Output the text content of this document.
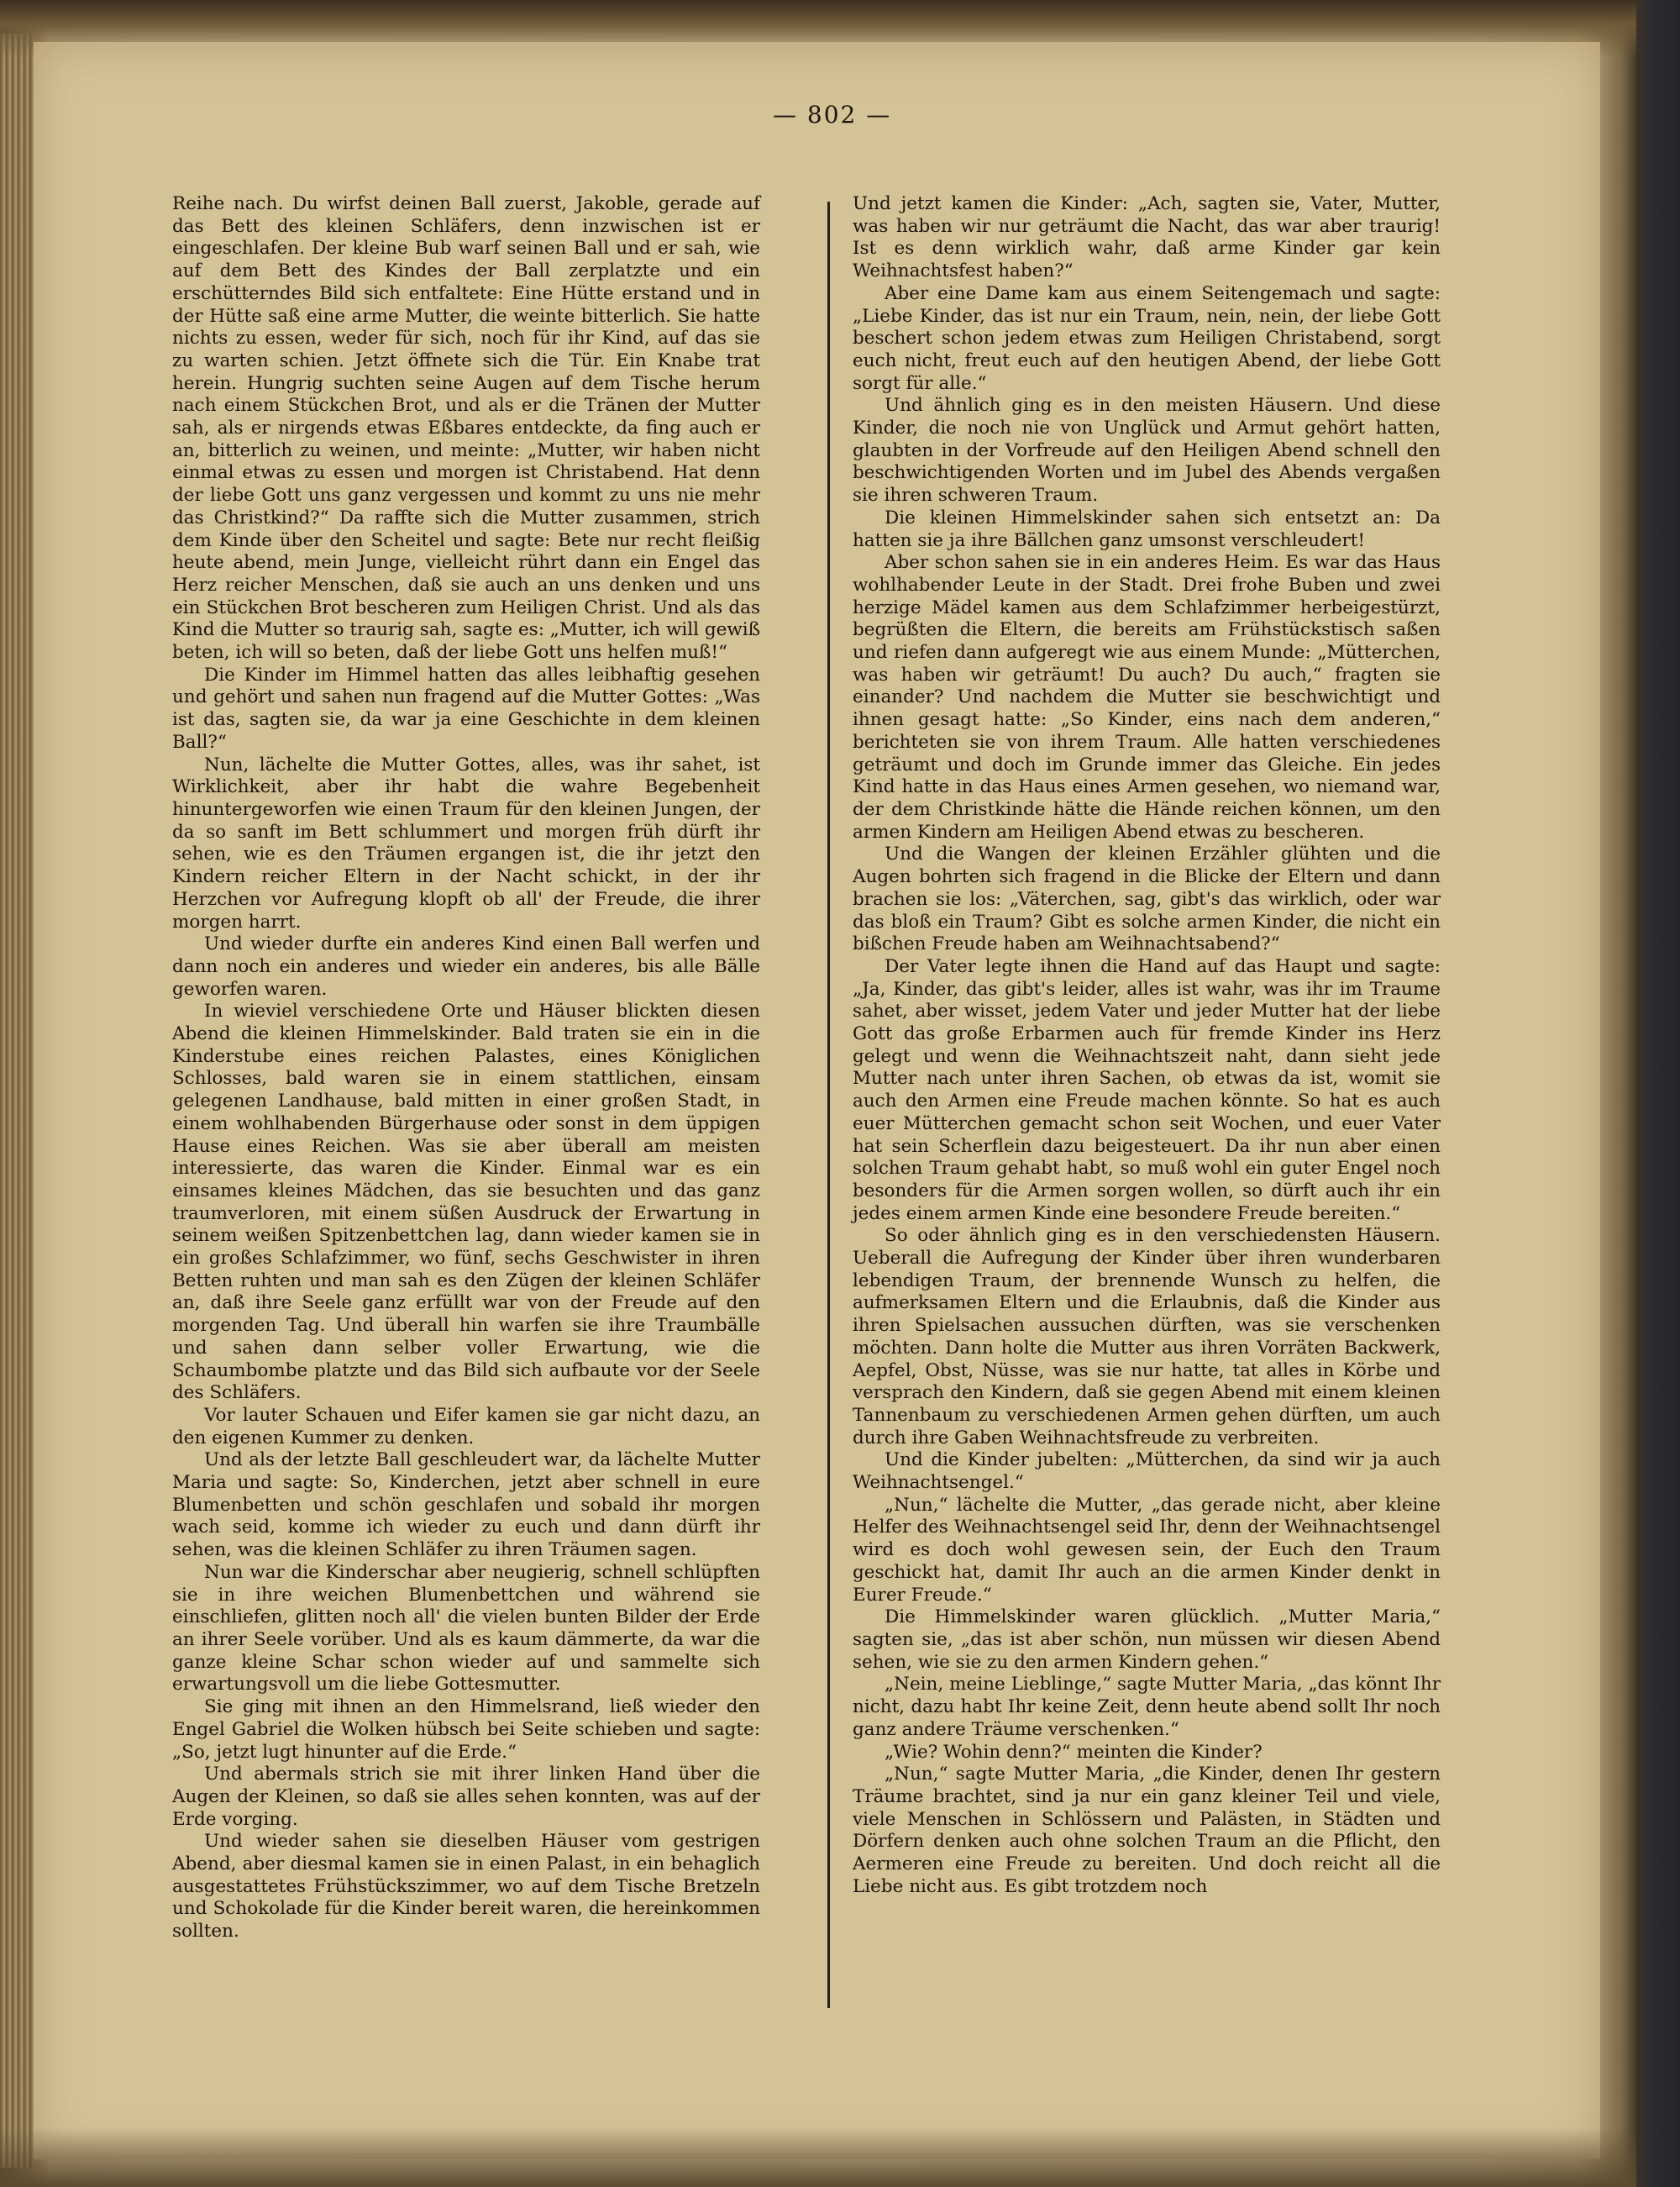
— 802 —

Reihe nach. Du wirfst deinen Ball zuerst, Jakoble, gerade auf das Bett des kleinen Schläfers, denn inzwischen ist er eingeschlafen. Der kleine Bub warf seinen Ball und er sah, wie auf dem Bett des Kindes der Ball zerplatzte und ein erschütterndes Bild sich entfaltete: Eine Hütte erstand und in der Hütte saß eine arme Mutter, die weinte bitterlich. Sie hatte nichts zu essen, weder für sich, noch für ihr Kind, auf das sie zu warten schien. Jetzt öffnete sich die Tür. Ein Knabe trat herein. Hungrig suchten seine Augen auf dem Tische herum nach einem Stückchen Brot, und als er die Tränen der Mutter sah, als er nirgends etwas Eßbares entdeckte, da fing auch er an, bitterlich zu weinen, und meinte: „Mutter, wir haben nicht einmal etwas zu essen und morgen ist Christabend. Hat denn der liebe Gott uns ganz vergessen und kommt zu uns nie mehr das Christkind?“ Da raffte sich die Mutter zusammen, strich dem Kinde über den Scheitel und sagte: Bete nur recht fleißig heute abend, mein Junge, vielleicht rührt dann ein Engel das Herz reicher Menschen, daß sie auch an uns denken und uns ein Stückchen Brot bescheren zum Heiligen Christ. Und als das Kind die Mutter so traurig sah, sagte es: „Mutter, ich will gewiß beten, ich will so beten, daß der liebe Gott uns helfen muß!“

Die Kinder im Himmel hatten das alles leibhaftig gesehen und gehört und sahen nun fragend auf die Mutter Gottes: „Was ist das, sagten sie, da war ja eine Geschichte in dem kleinen Ball?“

Nun, lächelte die Mutter Gottes, alles, was ihr sahet, ist Wirklichkeit, aber ihr habt die wahre Begebenheit hinuntergeworfen wie einen Traum für den kleinen Jungen, der da so sanft im Bett schlummert und morgen früh dürft ihr sehen, wie es den Träumen ergangen ist, die ihr jetzt den Kindern reicher Eltern in der Nacht schickt, in der ihr Herzchen vor Aufregung klopft ob all' der Freude, die ihrer morgen harrt.

Und wieder durfte ein anderes Kind einen Ball werfen und dann noch ein anderes und wieder ein anderes, bis alle Bälle geworfen waren.

In wieviel verschiedene Orte und Häuser blickten diesen Abend die kleinen Himmelskinder. Bald traten sie ein in die Kinderstube eines reichen Palastes, eines Königlichen Schlosses, bald waren sie in einem stattlichen, einsam gelegenen Landhause, bald mitten in einer großen Stadt, in einem wohlhabenden Bürgerhause oder sonst in dem üppigen Hause eines Reichen. Was sie aber überall am meisten interessierte, das waren die Kinder. Einmal war es ein einsames kleines Mädchen, das sie besuchten und das ganz traumverloren, mit einem süßen Ausdruck der Erwartung in seinem weißen Spitzenbettchen lag, dann wieder kamen sie in ein großes Schlafzimmer, wo fünf, sechs Geschwister in ihren Betten ruhten und man sah es den Zügen der kleinen Schläfer an, daß ihre Seele ganz erfüllt war von der Freude auf den morgenden Tag. Und überall hin warfen sie ihre Traumbälle und sahen dann selber voller Erwartung, wie die Schaumbombe platzte und das Bild sich aufbaute vor der Seele des Schläfers.

Vor lauter Schauen und Eifer kamen sie gar nicht dazu, an den eigenen Kummer zu denken.

Und als der letzte Ball geschleudert war, da lächelte Mutter Maria und sagte: So, Kinderchen, jetzt aber schnell in eure Blumenbetten und schön geschlafen und sobald ihr morgen wach seid, komme ich wieder zu euch und dann dürft ihr sehen, was die kleinen Schläfer zu ihren Träumen sagen.

Nun war die Kinderschar aber neugierig, schnell schlüpften sie in ihre weichen Blumenbettchen und während sie einschliefen, glitten noch all' die vielen bunten Bilder der Erde an ihrer Seele vorüber. Und als es kaum dämmerte, da war die ganze kleine Schar schon wieder auf und sammelte sich erwartungsvoll um die liebe Gottesmutter.

Sie ging mit ihnen an den Himmelsrand, ließ wieder den Engel Gabriel die Wolken hübsch bei Seite schieben und sagte: „So, jetzt lugt hinunter auf die Erde.“

Und abermals strich sie mit ihrer linken Hand über die Augen der Kleinen, so daß sie alles sehen konnten, was auf der Erde vorging.

Und wieder sahen sie dieselben Häuser vom gestrigen Abend, aber diesmal kamen sie in einen Palast, in ein behaglich ausgestattetes Frühstückszimmer, wo auf dem Tische Bretzeln und Schokolade für die Kinder bereit waren, die hereinkommen sollten.

Und jetzt kamen die Kinder: „Ach, sagten sie, Vater, Mutter, was haben wir nur geträumt die Nacht, das war aber traurig! Ist es denn wirklich wahr, daß arme Kinder gar kein Weihnachtsfest haben?“

Aber eine Dame kam aus einem Seitengemach und sagte: „Liebe Kinder, das ist nur ein Traum, nein, nein, der liebe Gott beschert schon jedem etwas zum Heiligen Christabend, sorgt euch nicht, freut euch auf den heutigen Abend, der liebe Gott sorgt für alle.“

Und ähnlich ging es in den meisten Häusern. Und diese Kinder, die noch nie von Unglück und Armut gehört hatten, glaubten in der Vorfreude auf den Heiligen Abend schnell den beschwichtigenden Worten und im Jubel des Abends vergaßen sie ihren schweren Traum.

Die kleinen Himmelskinder sahen sich entsetzt an: Da hatten sie ja ihre Bällchen ganz umsonst verschleudert!

Aber schon sahen sie in ein anderes Heim. Es war das Haus wohlhabender Leute in der Stadt. Drei frohe Buben und zwei herzige Mädel kamen aus dem Schlafzimmer herbeigestürzt, begrüßten die Eltern, die bereits am Frühstückstisch saßen und riefen dann aufgeregt wie aus einem Munde: „Mütterchen, was haben wir geträumt! Du auch? Du auch,“ fragten sie einander? Und nachdem die Mutter sie beschwichtigt und ihnen gesagt hatte: „So Kinder, eins nach dem anderen,“ berichteten sie von ihrem Traum. Alle hatten verschiedenes geträumt und doch im Grunde immer das Gleiche. Ein jedes Kind hatte in das Haus eines Armen gesehen, wo niemand war, der dem Christkinde hätte die Hände reichen können, um den armen Kindern am Heiligen Abend etwas zu bescheren.

Und die Wangen der kleinen Erzähler glühten und die Augen bohrten sich fragend in die Blicke der Eltern und dann brachen sie los: „Väterchen, sag, gibt's das wirklich, oder war das bloß ein Traum? Gibt es solche armen Kinder, die nicht ein bißchen Freude haben am Weihnachtsabend?“

Der Vater legte ihnen die Hand auf das Haupt und sagte: „Ja, Kinder, das gibt's leider, alles ist wahr, was ihr im Traume sahet, aber wisset, jedem Vater und jeder Mutter hat der liebe Gott das große Erbarmen auch für fremde Kinder ins Herz gelegt und wenn die Weihnachtszeit naht, dann sieht jede Mutter nach unter ihren Sachen, ob etwas da ist, womit sie auch den Armen eine Freude machen könnte. So hat es auch euer Mütterchen gemacht schon seit Wochen, und euer Vater hat sein Scherflein dazu beigesteuert. Da ihr nun aber einen solchen Traum gehabt habt, so muß wohl ein guter Engel noch besonders für die Armen sorgen wollen, so dürft auch ihr ein jedes einem armen Kinde eine besondere Freude bereiten.“

So oder ähnlich ging es in den verschiedensten Häusern. Ueberall die Aufregung der Kinder über ihren wunderbaren lebendigen Traum, der brennende Wunsch zu helfen, die aufmerksamen Eltern und die Erlaubnis, daß die Kinder aus ihren Spielsachen aussuchen dürften, was sie verschenken möchten. Dann holte die Mutter aus ihren Vorräten Backwerk, Aepfel, Obst, Nüsse, was sie nur hatte, tat alles in Körbe und versprach den Kindern, daß sie gegen Abend mit einem kleinen Tannenbaum zu verschiedenen Armen gehen dürften, um auch durch ihre Gaben Weihnachtsfreude zu verbreiten.

Und die Kinder jubelten: „Mütterchen, da sind wir ja auch Weihnachtsengel.“

„Nun,“ lächelte die Mutter, „das gerade nicht, aber kleine Helfer des Weihnachtsengel seid Ihr, denn der Weihnachtsengel wird es doch wohl gewesen sein, der Euch den Traum geschickt hat, damit Ihr auch an die armen Kinder denkt in Eurer Freude.“

Die Himmelskinder waren glücklich. „Mutter Maria,“ sagten sie, „das ist aber schön, nun müssen wir diesen Abend sehen, wie sie zu den armen Kindern gehen.“

„Nein, meine Lieblinge,“ sagte Mutter Maria, „das könnt Ihr nicht, dazu habt Ihr keine Zeit, denn heute abend sollt Ihr noch ganz andere Träume verschenken.“

„Wie? Wohin denn?“ meinten die Kinder?

„Nun,“ sagte Mutter Maria, „die Kinder, denen Ihr gestern Träume brachtet, sind ja nur ein ganz kleiner Teil und viele, viele Menschen in Schlössern und Palästen, in Städten und Dörfern denken auch ohne solchen Traum an die Pflicht, den Aermeren eine Freude zu bereiten. Und doch reicht all die Liebe nicht aus. Es gibt trotzdem noch
